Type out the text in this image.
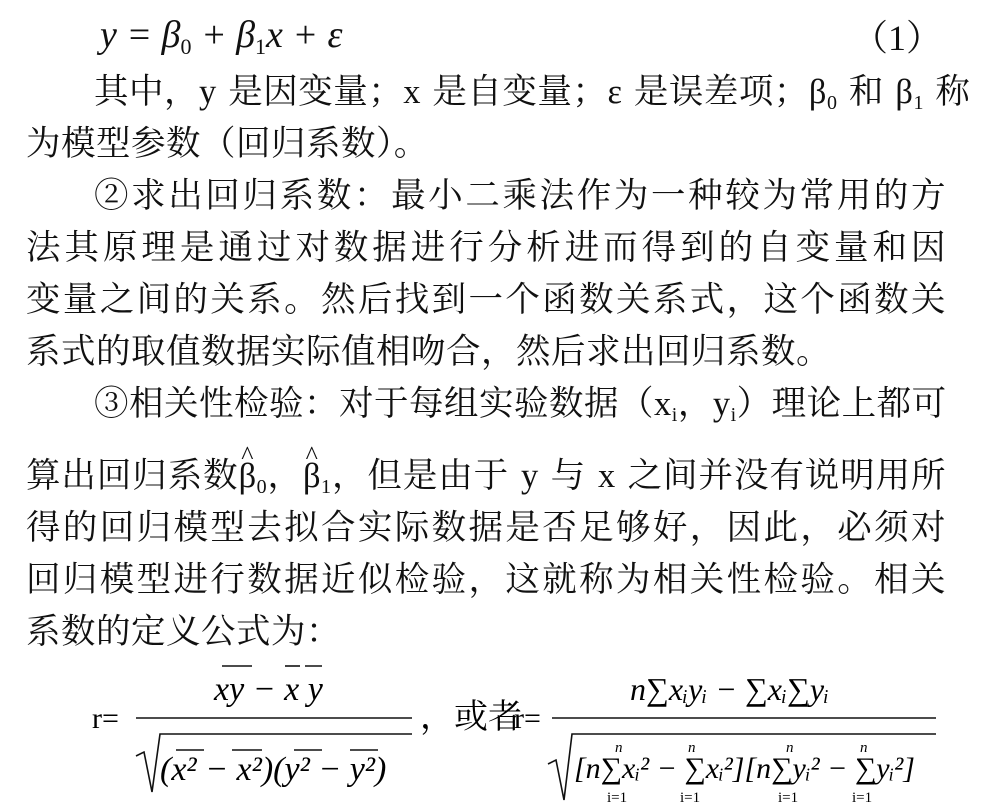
$y = \beta_0 + \beta_1x + \varepsilon$	（1）
其中，y 是因变量；x 是自变量；ε 是误差项；$\beta_0$ 和 $\beta_1$ 称
为模型参数（回归系数）。
②求出回归系数：最小二乘法作为一种较为常用的方
法其原理是通过对数据进行分析进而得到的自变量和因
变量之间的关系。然后找到一个函数关系式，这个函数关
系式的取值数据实际值相吻合，然后求出回归系数。
③相关性检验：对于每组实验数据（$x_i$，$y_i$）理论上都可
算出回归系数^ $\beta_0$，^ $\beta_1$，但是由于 y 与 x 之间并没有说明用所
得的回归模型去拟合实际数据是否足够好，因此，必须对
回归模型进行数据近似检验，这就称为相关性检验。相关
系数的定义公式为：
r=
xy − x y
(x² − x²)(y² − y²)
，或者
r=
n∑xᵢyᵢ − ∑xᵢ∑yᵢ
[n∑xᵢ² − ∑xᵢ²][n∑yᵢ² − ∑yᵢ²]
n
i=1
n
i=1
n
i=1
n
i=1
